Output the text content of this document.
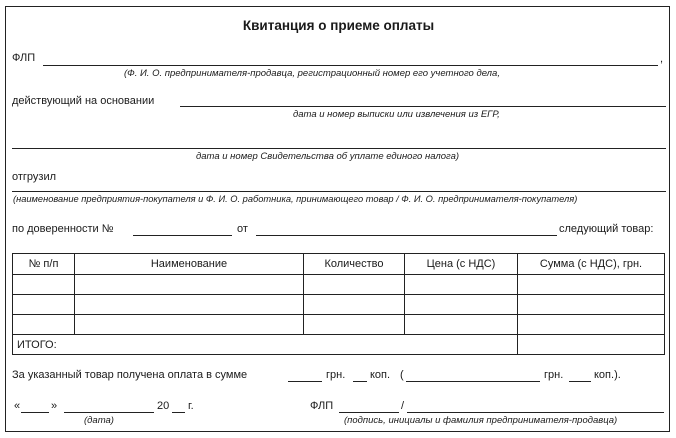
Квитанция о приеме оплаты
ФЛП	,
(Ф. И. О. предпринимателя-продавца, регистрационный номер его учетного дела,
действующий на основании
дата и номер выписки или извлечения из ЕГР,
дата и номер Свидетельства об уплате единого налога)
отгрузил
(наименование предприятия-покупателя и Ф. И. О. работника, принимающего товар / Ф. И. О. предпринимателя-покупателя)
по доверенности №	от	следующий товар:
№ п/п	Наименование	Количество	Цена (с НДС)	Сумма (с НДС), грн.

ИТОГО:				
За указанный товар получена оплата в сумме	грн. коп. (	грн.	коп.).
«	»	20 г.
(дата)
ФЛП	/
(подпись, инициалы и фамилия предпринимателя-продавца)
